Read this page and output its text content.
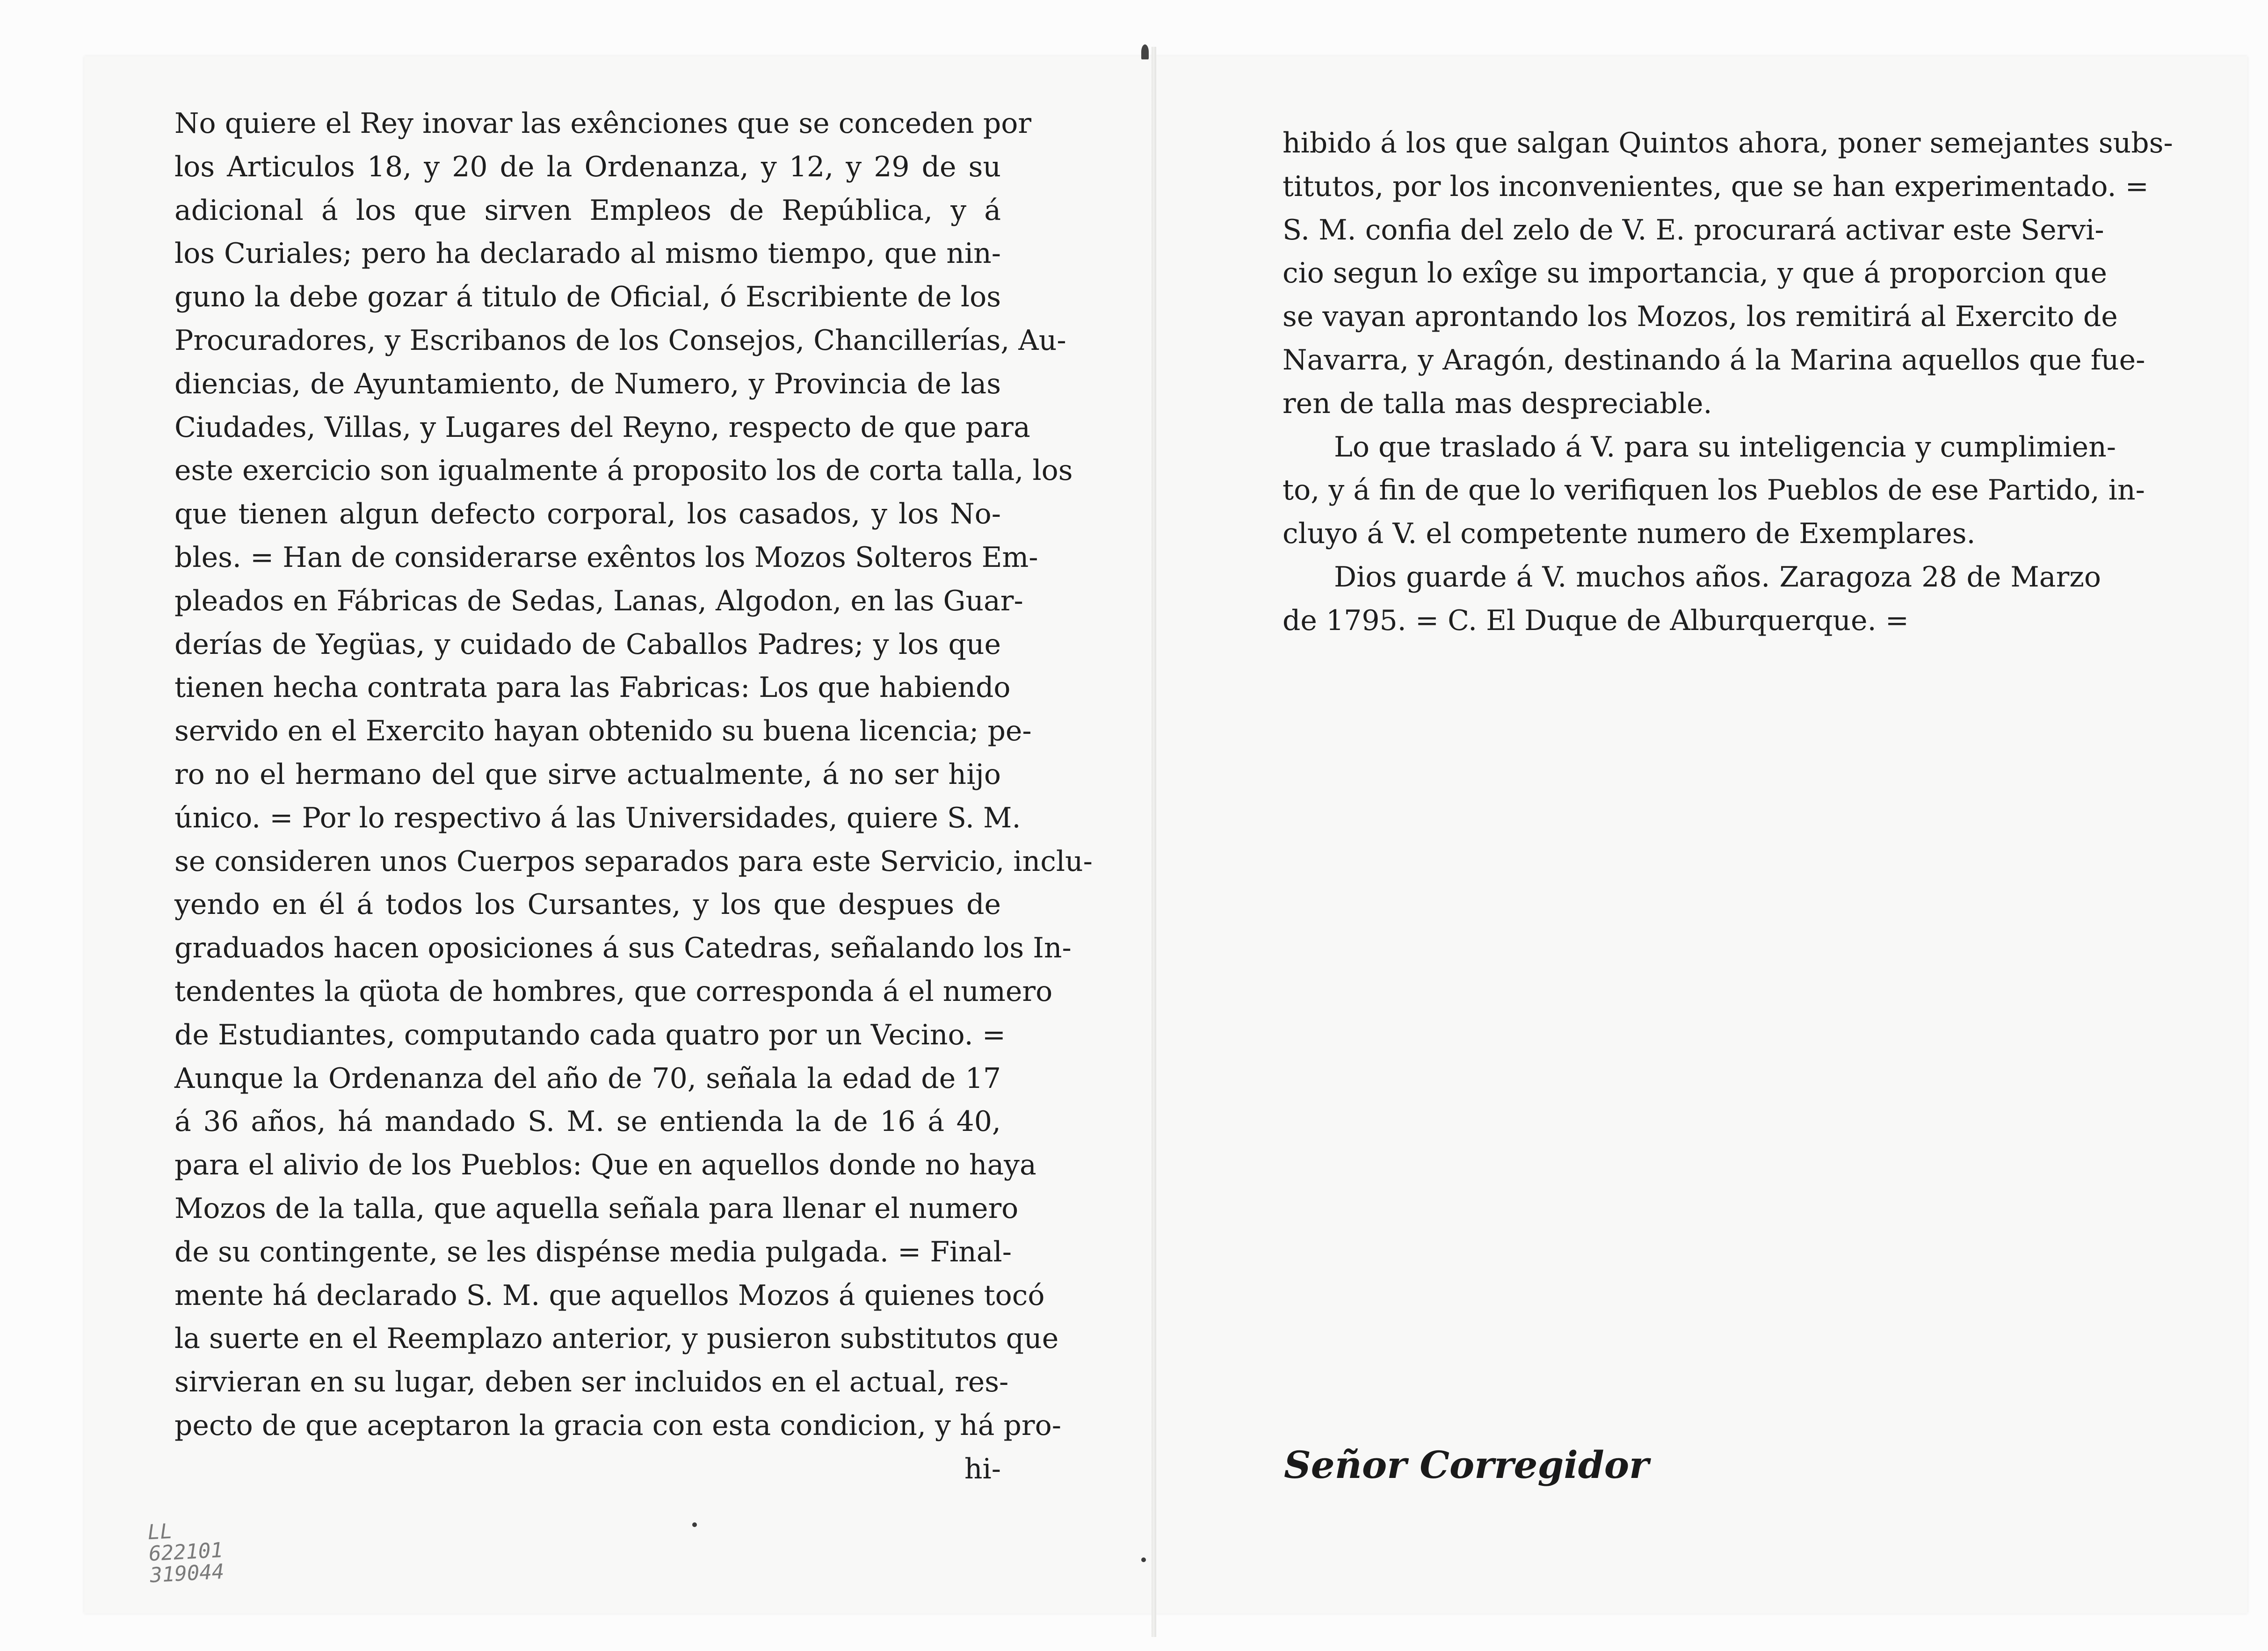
No quiere el Rey inovar las exênciones que se conceden por
los Articulos 18, y 20 de la Ordenanza, y 12, y 29 de su
adicional á los que sirven Empleos de República, y á
los Curiales; pero ha declarado al mismo tiempo, que nin-
guno la debe gozar á titulo de Oficial, ó Escribiente de los
Procuradores, y Escribanos de los Consejos, Chancillerías, Au-
diencias, de Ayuntamiento, de Numero, y Provincia de las
Ciudades, Villas, y Lugares del Reyno, respecto de que para
este exercicio son igualmente á proposito los de corta talla, los
que tienen algun defecto corporal, los casados, y los No-
bles. = Han de considerarse exêntos los Mozos Solteros Em-
pleados en Fábricas de Sedas, Lanas, Algodon, en las Guar-
derías de Yegüas, y cuidado de Caballos Padres; y los que
tienen hecha contrata para las Fabricas: Los que habiendo
servido en el Exercito hayan obtenido su buena licencia; pe-
ro no el hermano del que sirve actualmente, á no ser hijo
único. = Por lo respectivo á las Universidades, quiere S. M.
se consideren unos Cuerpos separados para este Servicio, inclu-
yendo en él á todos los Cursantes, y los que despues de
graduados hacen oposiciones á sus Catedras, señalando los In-
tendentes la qüota de hombres, que corresponda á el numero
de Estudiantes, computando cada quatro por un Vecino. =
Aunque la Ordenanza del año de 70, señala la edad de 17
á 36 años, há mandado S. M. se entienda la de 16 á 40,
para el alivio de los Pueblos: Que en aquellos donde no haya
Mozos de la talla, que aquella señala para llenar el numero
de su contingente, se les dispénse media pulgada. = Final-
mente há declarado S. M. que aquellos Mozos á quienes tocó
la suerte en el Reemplazo anterior, y pusieron substitutos que
sirvieran en su lugar, deben ser incluidos en el actual, res-
pecto de que aceptaron la gracia con esta condicion, y há pro-
hi-
hibido á los que salgan Quintos ahora, poner semejantes subs-
titutos, por los inconvenientes, que se han experimentado. =
S. M. confia del zelo de V. E. procurará activar este Servi-
cio segun lo exîge su importancia, y que á proporcion que
se vayan aprontando los Mozos, los remitirá al Exercito de
Navarra, y Aragón, destinando á la Marina aquellos que fue-
ren de talla mas despreciable.
Lo que traslado á V. para su inteligencia y cumplimien-
to, y á fin de que lo verifiquen los Pueblos de ese Partido, in-
cluyo á V. el competente numero de Exemplares.
Dios guarde á V. muchos años. Zaragoza 28 de Marzo
de 1795. = C. El Duque de Alburquerque. =
Señor Corregidor
LL
622101
319044
